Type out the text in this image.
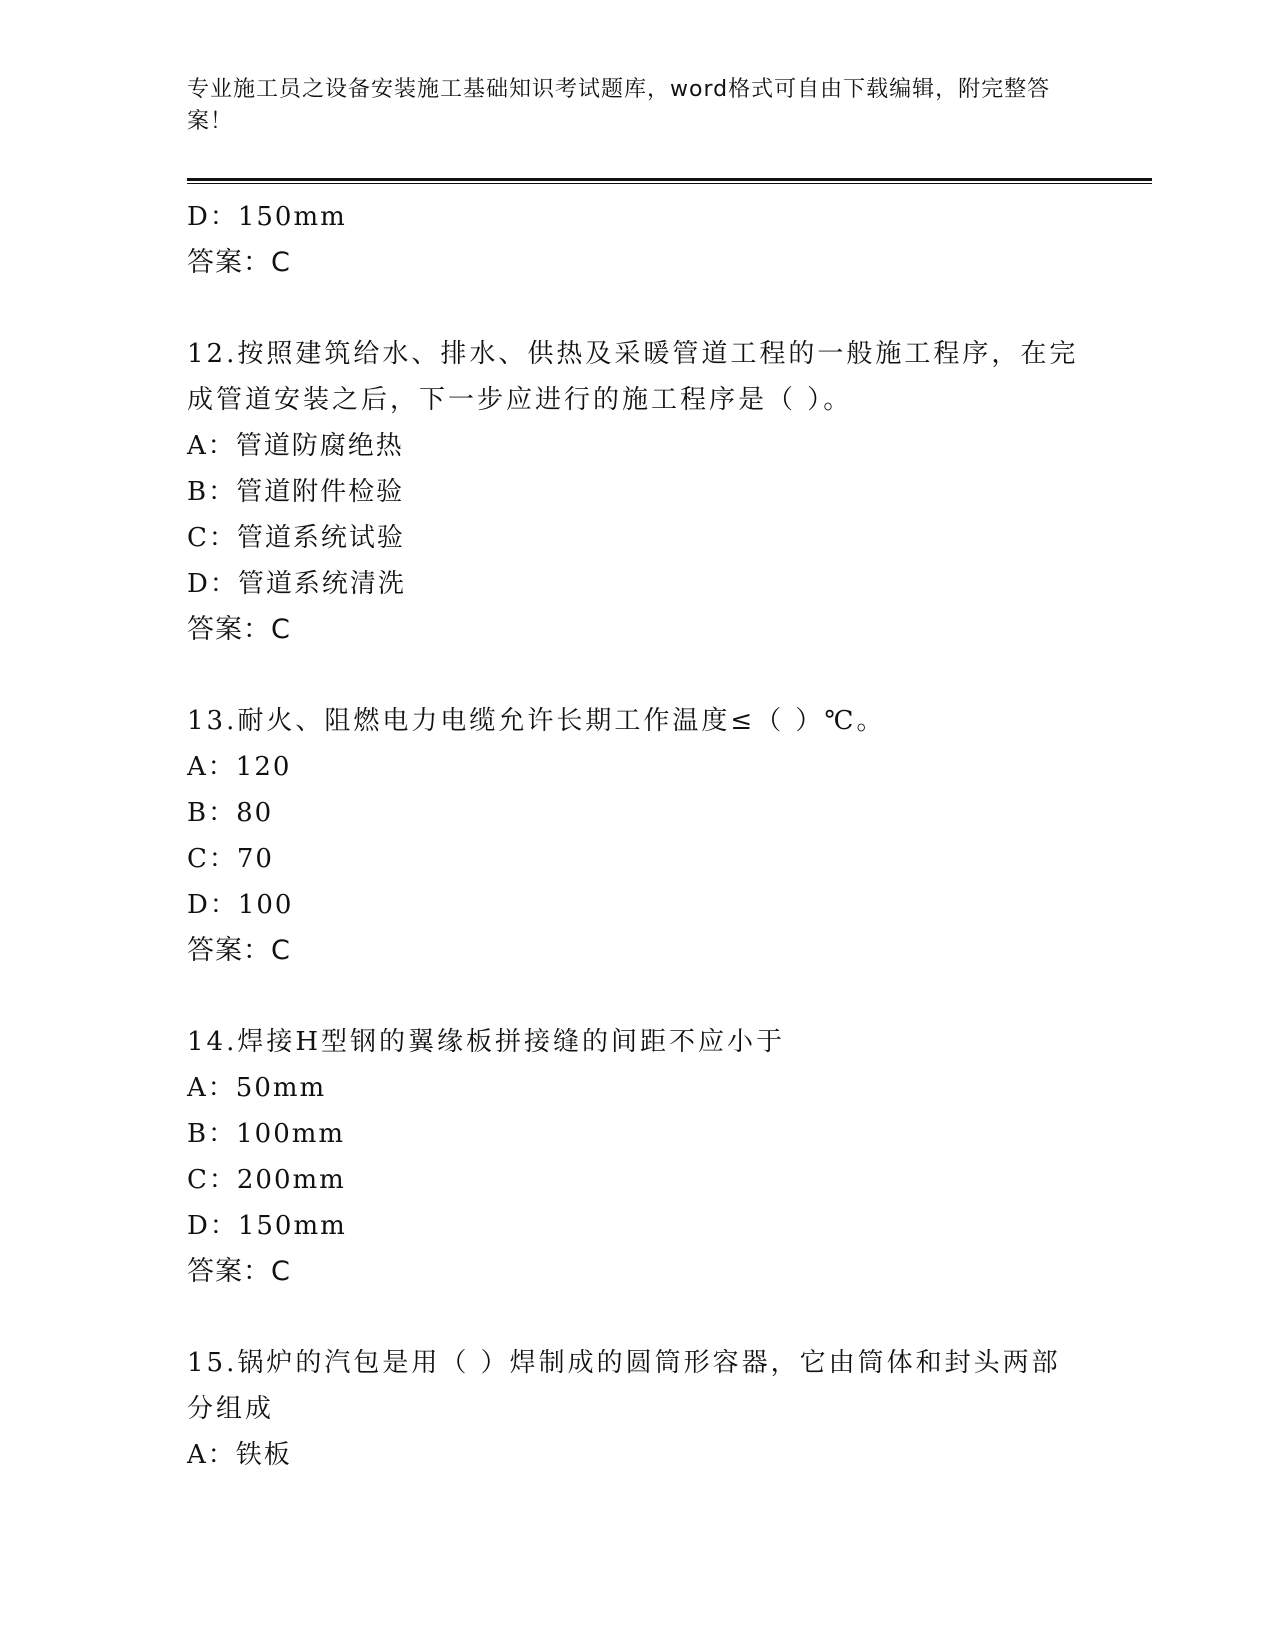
专业施工员之设备安装施工基础知识考试题库，word格式可自由下载编辑，附完整答案！
D：150mm
答案：C
12.按照建筑给水、排水、供热及采暖管道工程的一般施工程序，在完
成管道安装之后，下一步应进行的施工程序是（ ）。
A：管道防腐绝热
B：管道附件检验
C：管道系统试验
D：管道系统清洗
答案：C
13.耐火、阻燃电力电缆允许长期工作温度≤（ ）℃。
A：120
B：80
C：70
D：100
答案：C
14.焊接H型钢的翼缘板拼接缝的间距不应小于
A：50mm
B：100mm
C：200mm
D：150mm
答案：C
15.锅炉的汽包是用（ ）焊制成的圆筒形容器，它由筒体和封头两部
分组成
A：铁板
